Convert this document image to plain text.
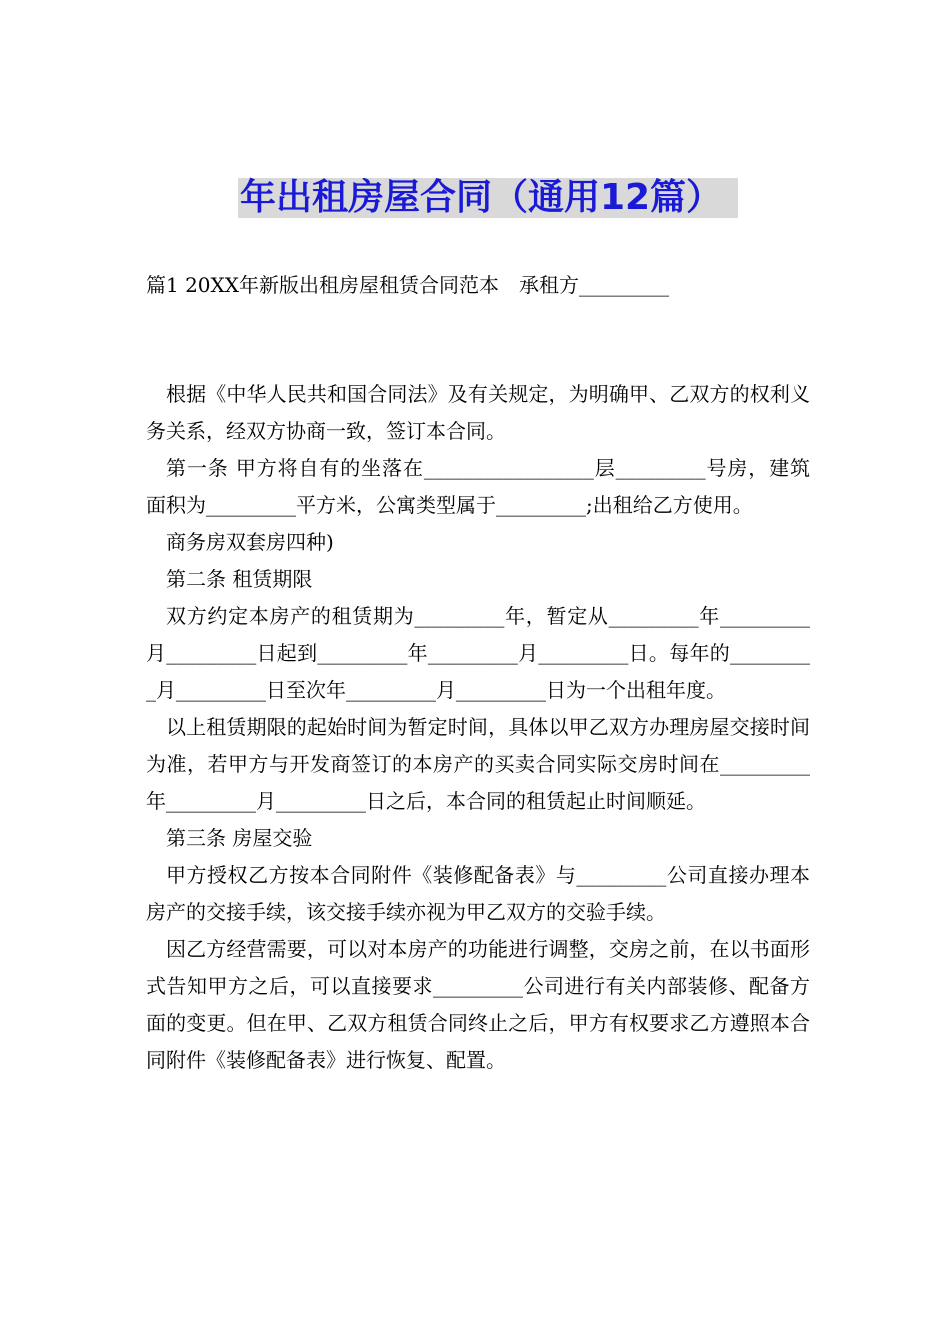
年出租房屋合同（通用12篇）
篇1 20XX年新版出租房屋租赁合同范本　承租方_________

根据《中华人民共和国合同法》及有关规定，为明确甲、乙双方的权利义务关系，经双方协商一致，签订本合同。

第一条 甲方将自有的坐落在_________________层_________号房，建筑面积为_________平方米，公寓类型属于_________;出租给乙方使用。

商务房双套房四种)

第二条 租赁期限

双方约定本房产的租赁期为_________年，暂定从_________年_________月_________日起到_________年_________月_________日。每年的_________月_________日至次年_________月_________日为一个出租年度。

以上租赁期限的起始时间为暂定时间，具体以甲乙双方办理房屋交接时间为准，若甲方与开发商签订的本房产的买卖合同实际交房时间在_________年_________月_________日之后，本合同的租赁起止时间顺延。

第三条 房屋交验

甲方授权乙方按本合同附件《装修配备表》与_________公司直接办理本房产的交接手续，该交接手续亦视为甲乙双方的交验手续。

因乙方经营需要，可以对本房产的功能进行调整，交房之前，在以书面形式告知甲方之后，可以直接要求_________公司进行有关内部装修、配备方面的变更。但在甲、乙双方租赁合同终止之后，甲方有权要求乙方遵照本合同附件《装修配备表》进行恢复、配置。
